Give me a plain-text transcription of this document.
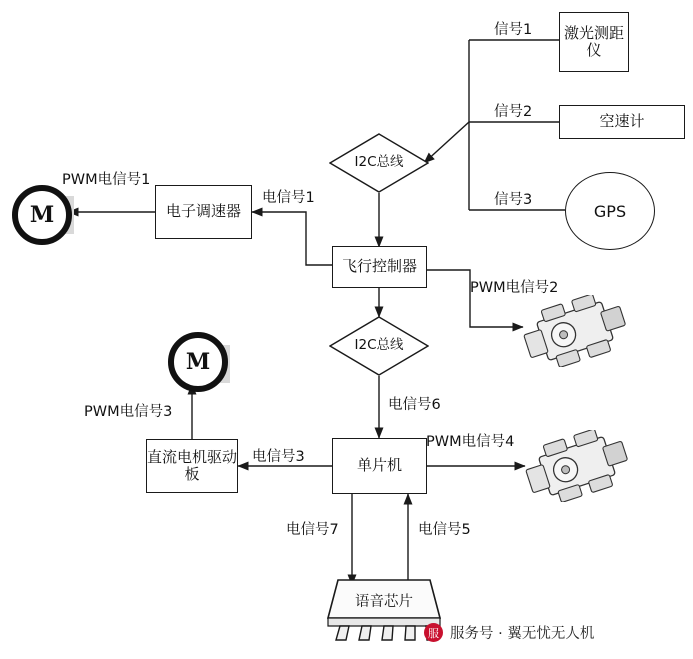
激光测距仪
空速计
电子调速器
飞行控制器
单片机
直流电机驱动板
I2C总线
I2C总线
GPS
M
M
语音芯片
信号1
信号2
信号3
PWM电信号1
电信号1
PWM电信号2
电信号6
PWM电信号3
电信号3
PWM电信号4
电信号7	电信号5
服 服务号 · 翼无忧无人机
